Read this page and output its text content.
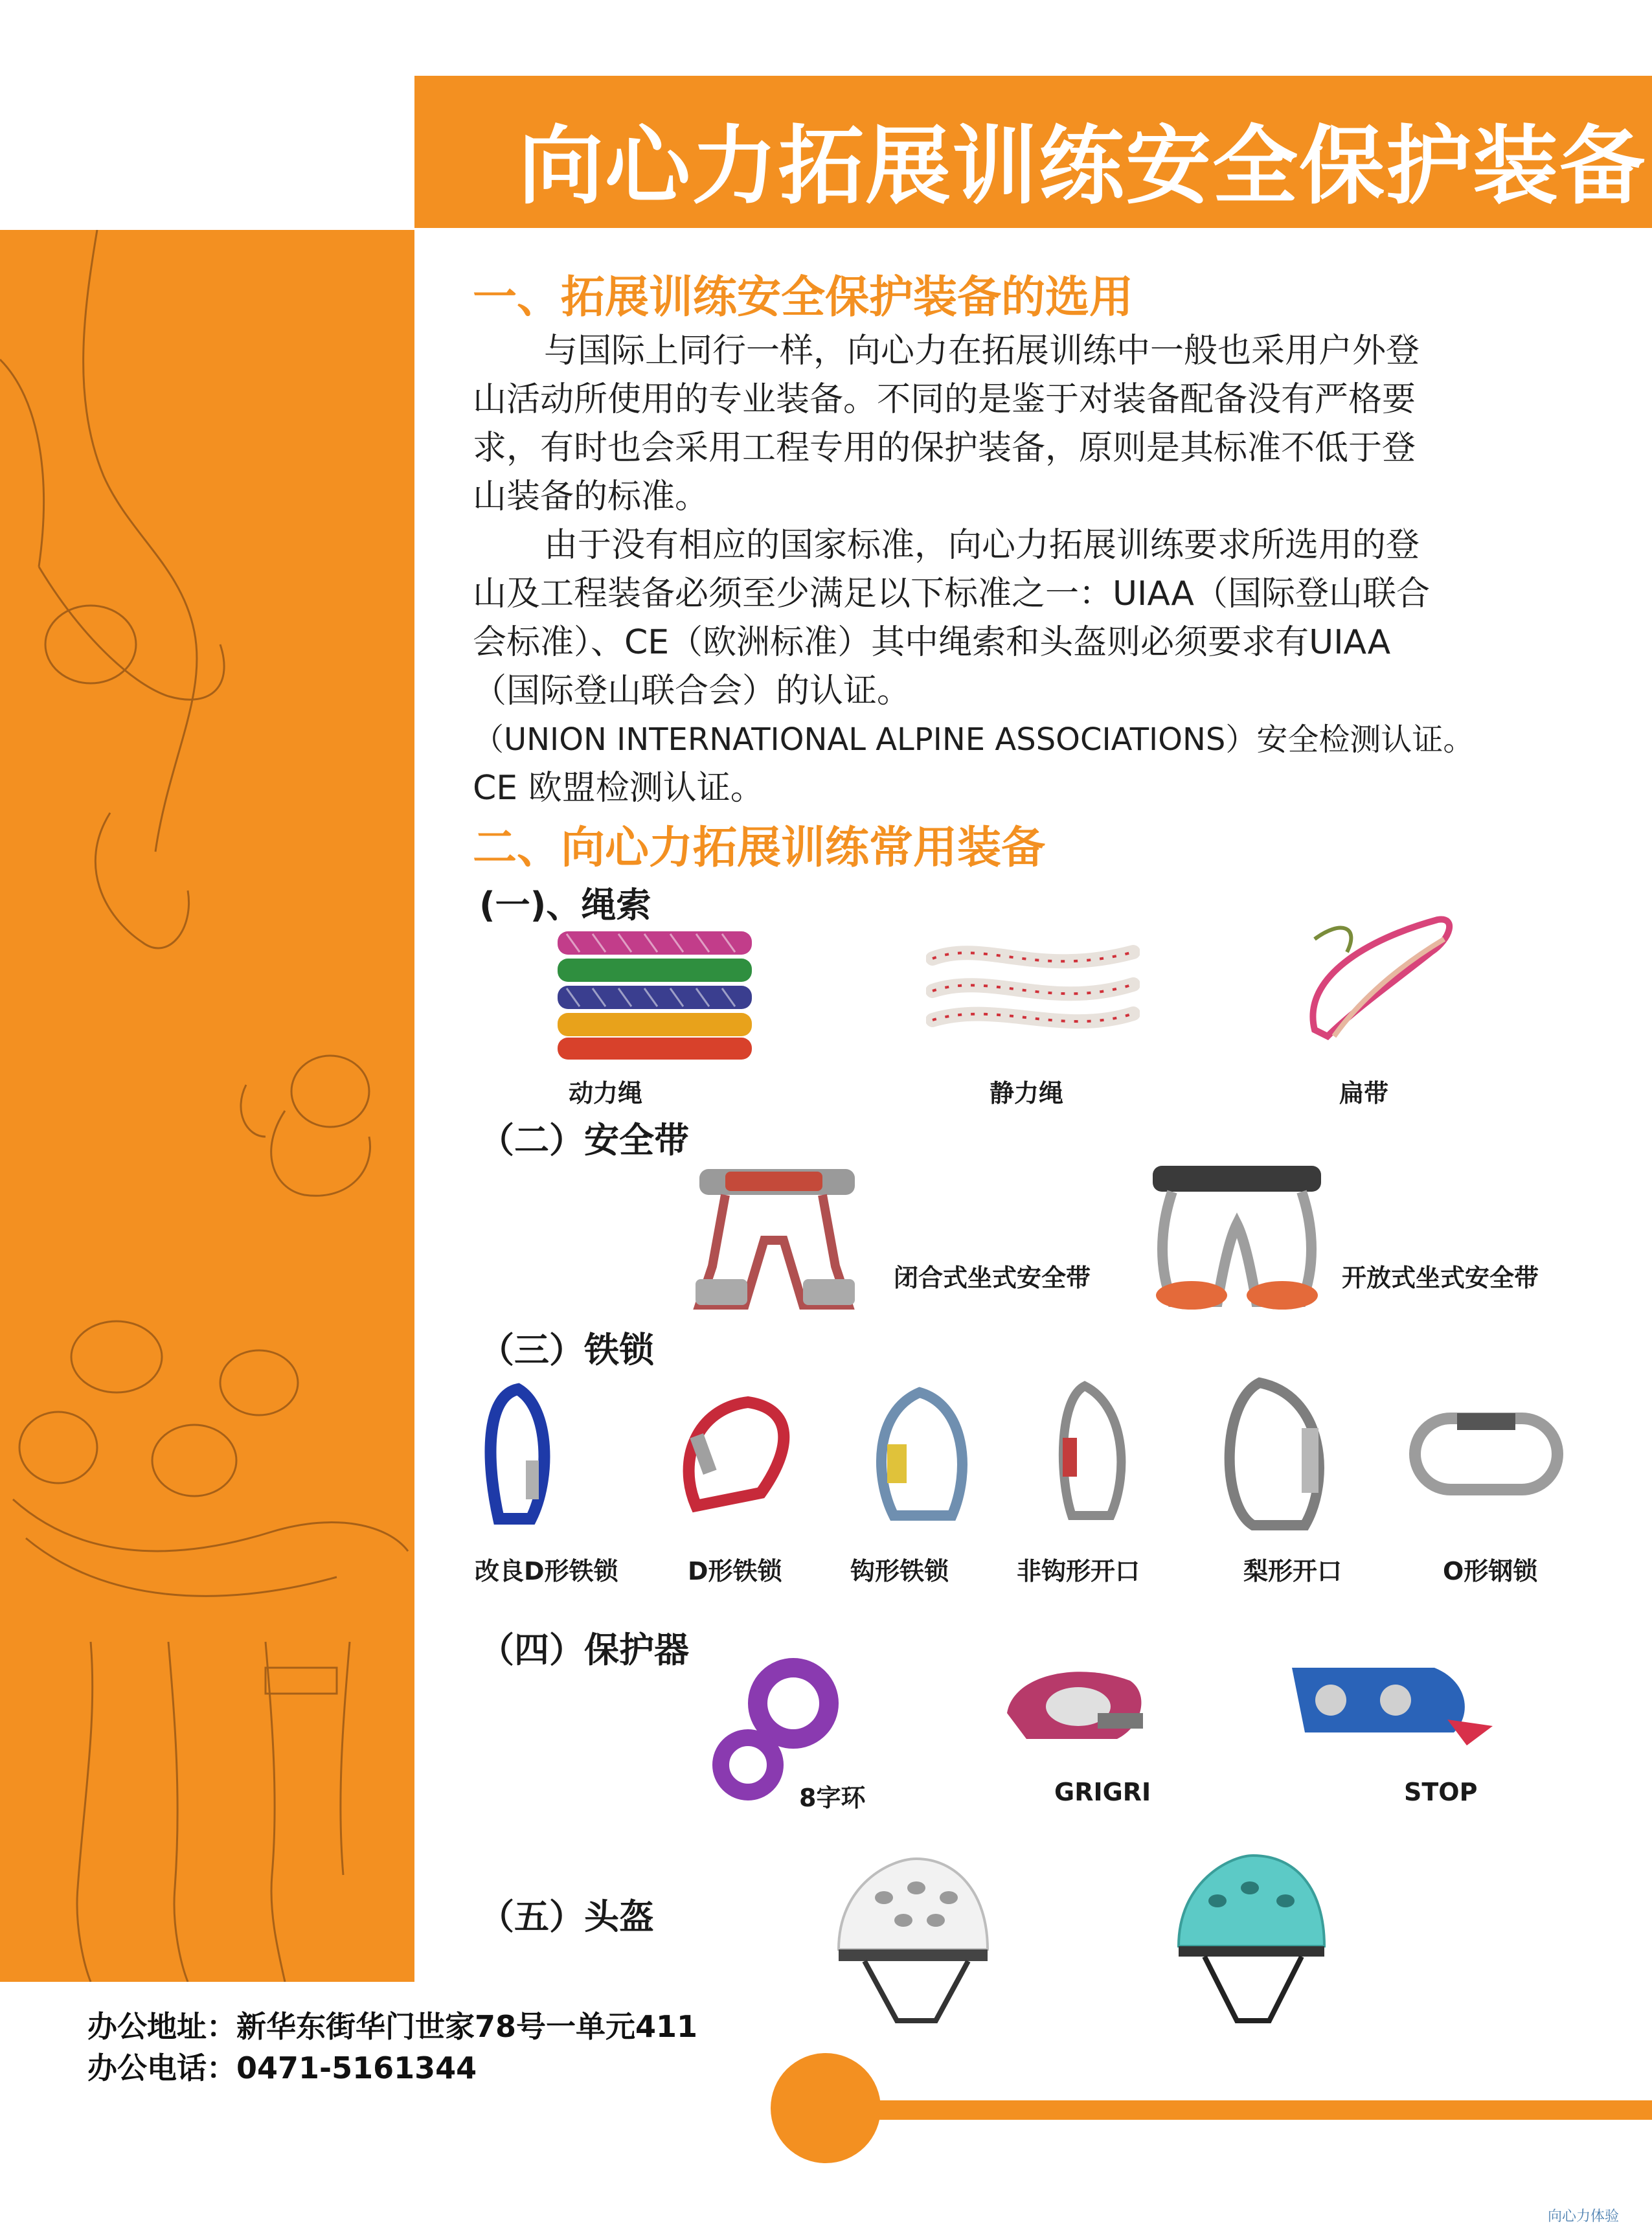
向心力拓展训练安全保护装备
一、拓展训练安全保护装备的选用
与国际上同行一样，向心力在拓展训练中一般也采用户外登
山活动所使用的专业装备。不同的是鉴于对装备配备没有严格要
求，有时也会采用工程专用的保护装备，原则是其标准不低于登
山装备的标准。
由于没有相应的国家标准，向心力拓展训练要求所选用的登
山及工程装备必须至少满足以下标准之一：UIAA（国际登山联合
会标准）、CE（欧洲标准）其中绳索和头盔则必须要求有UIAA
（国际登山联合会）的认证。
（UNION INTERNATIONAL ALPINE ASSOCIATIONS）安全检测认证。
CE 欧盟检测认证。
二、向心力拓展训练常用装备
(一)、绳索
动力绳	静力绳	扁带
（二）安全带
闭合式坐式安全带	开放式坐式安全带
（三）铁锁
改良D形铁锁	D形铁锁	钩形铁锁	非钩形开口	梨形开口	O形钢锁
（四）保护器
8字环	GRIGRI	STOP
（五）头盔
办公地址：新华东街华门世家78号一单元411
办公电话：0471-5161344
向心力体验
